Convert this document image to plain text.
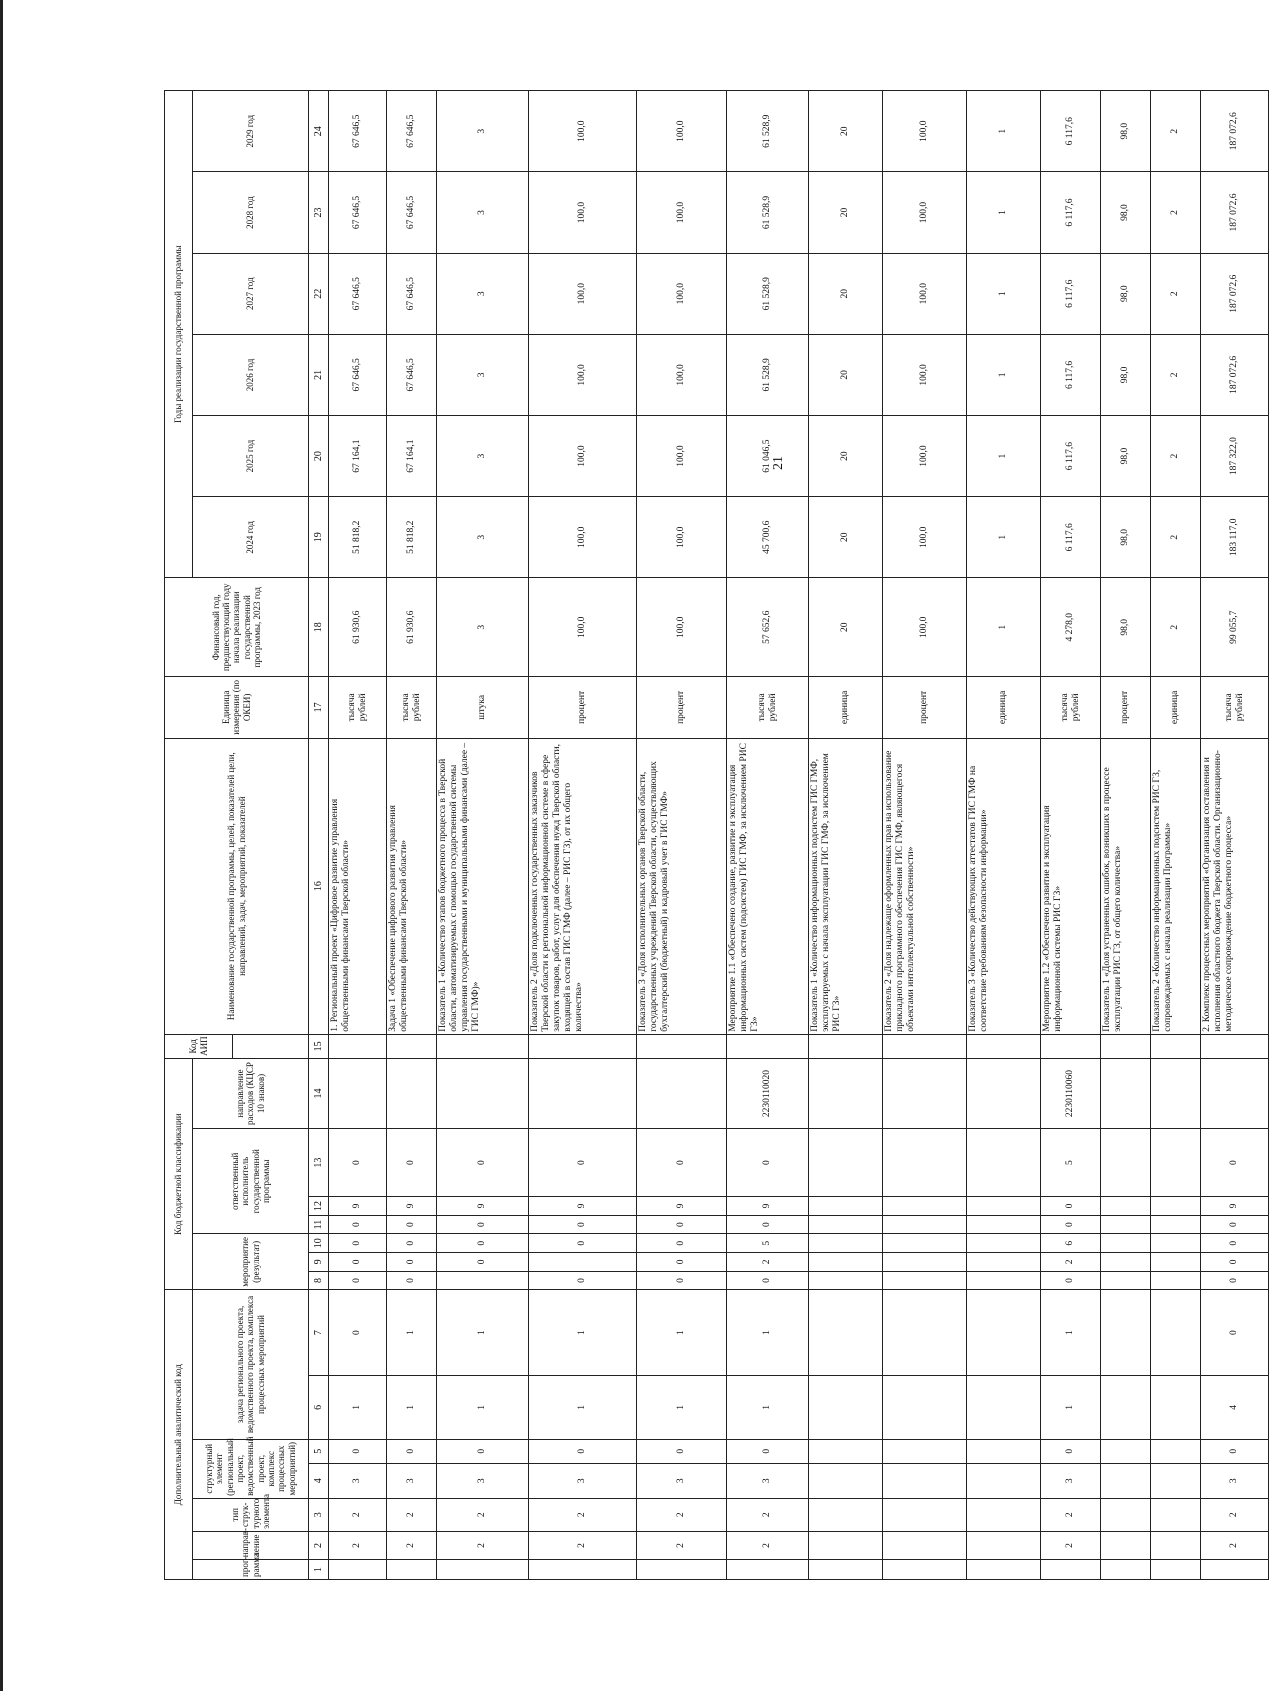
21
Дополнительный аналитический код							Код бюджетной классификации							Код АИП	Наименование государственной программы, целей, показателей цели, направлений, задач, мероприятий, показателей	Единица измерения (по ОКЕИ)	Финансовый год, предшествующий году начала реализации государственной программы, 2023 год	Годы реализации государственной программы					
прог-рамма	направ-ление	тип струк-турного элемента	структурный элемент (региональный проект, ведомственный проект, комплекс процессных мероприятий)		задача регионального проекта, ведомственного проекта, комплекса процессных мероприятий		мероприятие (результат)			ответственный исполнитель государственной программы			направление расходов (КЦСР 10 знаков)					2024 год	2025 год	2026 год	2027 год	2028 год	2029 год

1	2	3	4	5	6	7	8	9	10	11	12	13	14	15	16	17	18	19	20	21	22	23	24
	2	2	3	0	1	0	0	0	0	0	9	0			1. Региональный проект «Цифровое развитие управления общественными финансами Тверской области»	тысяча рублей	61 930,6	51 818,2	67 164,1	67 646,5	67 646,5	67 646,5	67 646,5
	2	2	3	0	1	1	0	0	0	0	9	0			Задача 1 «Обеспечение цифрового развития управления общественными финансами Тверской области»	тысяча рублей	61 930,6	51 818,2	67 164,1	67 646,5	67 646,5	67 646,5	67 646,5
	2	2	3	0	1	1		0	0	0	9	0			Показатель 1 «Количество этапов бюджетного процесса в Тверской области, автоматизируемых с помощью государственной системы управления государственными и муниципальными финансами (далее – ГИС ГМФ)»	штука	3	3	3	3	3	3	3
	2	2	3	0	1	1	0		0	0	9	0			Показатель 2 «Доля подключенных государственных заказчиков Тверской области к региональной информационной системе в сфере закупок товаров, работ, услуг для обеспечения нужд Тверской области, входящей в состав ГИС ГМФ (далее – РИС ГЗ), от их общего количества»	процент	100,0	100,0	100,0	100,0	100,0	100,0	100,0
	2	2	3	0	1	1	0	0	0	0	9	0			Показатель 3 «Доля исполнительных органов Тверской области, государственных учреждений Тверской области, осуществляющих бухгалтерский (бюджетный) и кадровый учет в ГИС ГМФ»	процент	100,0	100,0	100,0	100,0	100,0	100,0	100,0
	2	2	3	0	1	1	0	2	5	0	9	0	2230110020		Мероприятие 1.1 «Обеспечено создание, развитие и эксплуатация информационных систем (подсистем) ГИС ГМФ, за исключением РИС ГЗ»	тысяча рублей	57 652,6	45 700,6	61 046,5	61 528,9	61 528,9	61 528,9	61 528,9
															Показатель 1 «Количество информационных подсистем ГИС ГМФ, эксплуатируемых с начала эксплуатации ГИС ГМФ, за исключением РИС ГЗ»	единица	20	20	20	20	20	20	20
															Показатель 2 «Доля надлежаще оформленных прав на использование прикладного программного обеспечения ГИС ГМФ, являющегося объектами интеллектуальной собственности»	процент	100,0	100,0	100,0	100,0	100,0	100,0	100,0
															Показатель 3 «Количество действующих аттестатов ГИС ГМФ на соответствие требованиям безопасности информации»	единица	1	1	1	1	1	1	1
	2	2	3	0	1	1	0	2	6	0	0	5	2230110060		Мероприятие 1.2 «Обеспечено развитие и эксплуатация информационной системы РИС ГЗ»	тысяча рублей	4 278,0	6 117,6	6 117,6	6 117,6	6 117,6	6 117,6	6 117,6
															Показатель 1 «Доля устраненных ошибок, возникших в процессе эксплуатации РИС ГЗ, от общего количества»	процент	98,0	98,0	98,0	98,0	98,0	98,0	98,0
															Показатель 2 «Количество информационных подсистем РИС ГЗ, сопровождаемых с начала реализации Программы»	единица	2	2	2	2	2	2	2
	2	2	3	0	4	0	0	0	0	0	9	0			2. Комплекс процессных мероприятий «Организация составления и исполнения областного бюджета Тверской области. Организационно-методическое сопровождение бюджетного процесса»	тысяча рублей	99 055,7	183 117,0	187 322,0	187 072,6	187 072,6	187 072,6	187 072,6
